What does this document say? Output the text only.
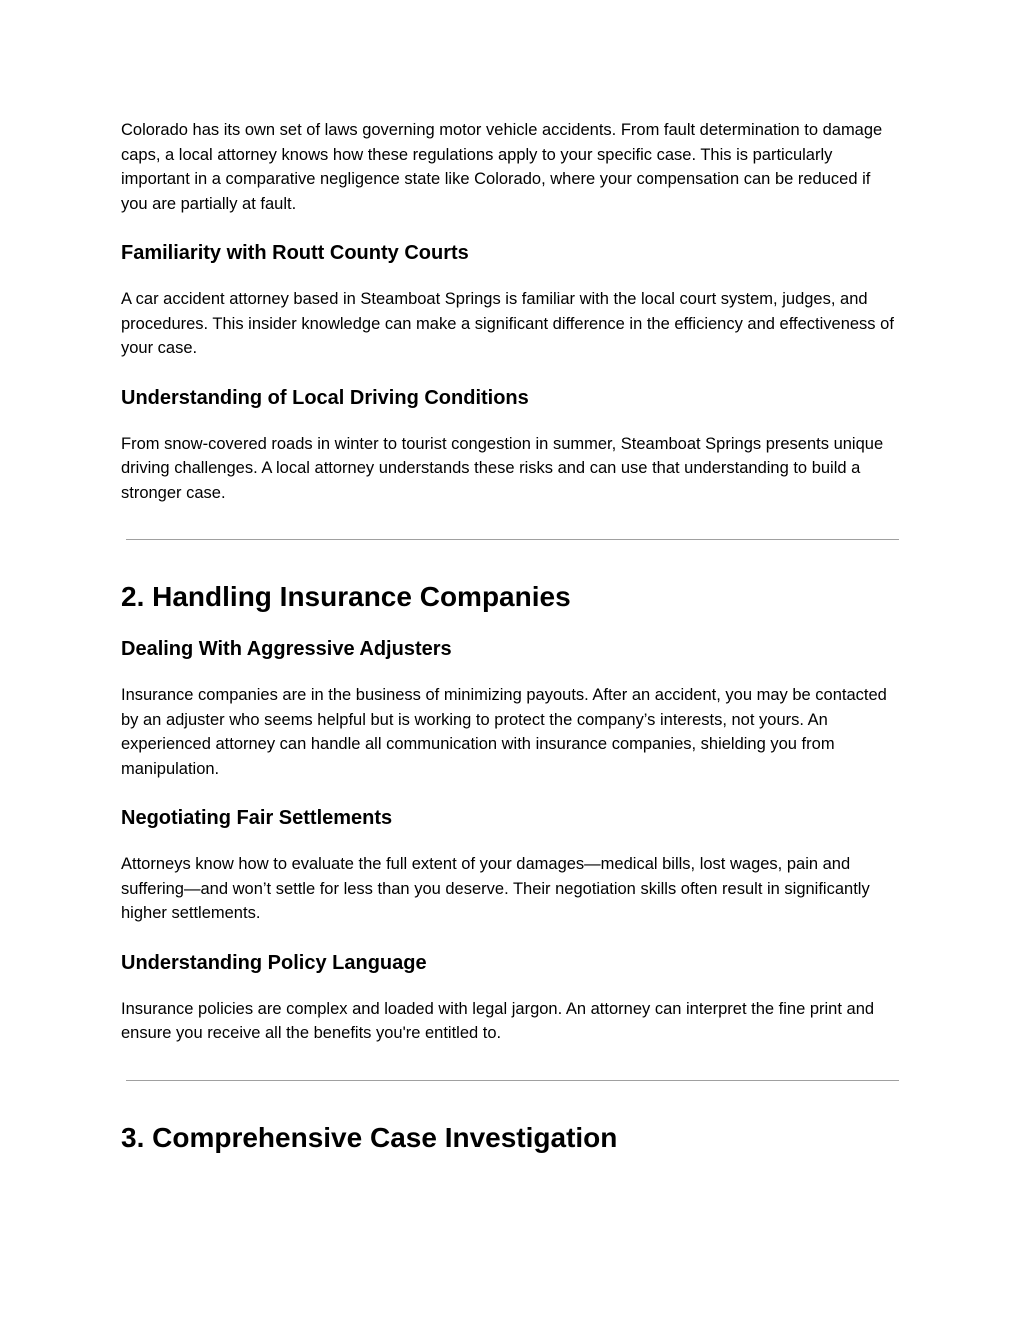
Colorado has its own set of laws governing motor vehicle accidents. From fault determination to damage caps, a local attorney knows how these regulations apply to your specific case. This is particularly important in a comparative negligence state like Colorado, where your compensation can be reduced if you are partially at fault.

Familiarity with Routt County Courts

A car accident attorney based in Steamboat Springs is familiar with the local court system, judges, and procedures. This insider knowledge can make a significant difference in the efficiency and effectiveness of your case.

Understanding of Local Driving Conditions

From snow-covered roads in winter to tourist congestion in summer, Steamboat Springs presents unique driving challenges. A local attorney understands these risks and can use that understanding to build a stronger case.

2. Handling Insurance Companies
Dealing With Aggressive Adjusters

Insurance companies are in the business of minimizing payouts. After an accident, you may be contacted by an adjuster who seems helpful but is working to protect the company’s interests, not yours. An experienced attorney can handle all communication with insurance companies, shielding you from manipulation.

Negotiating Fair Settlements

Attorneys know how to evaluate the full extent of your damages—medical bills, lost wages, pain and suffering—and won’t settle for less than you deserve. Their negotiation skills often result in significantly higher settlements.

Understanding Policy Language

Insurance policies are complex and loaded with legal jargon. An attorney can interpret the fine print and ensure you receive all the benefits you're entitled to.

3. Comprehensive Case Investigation
